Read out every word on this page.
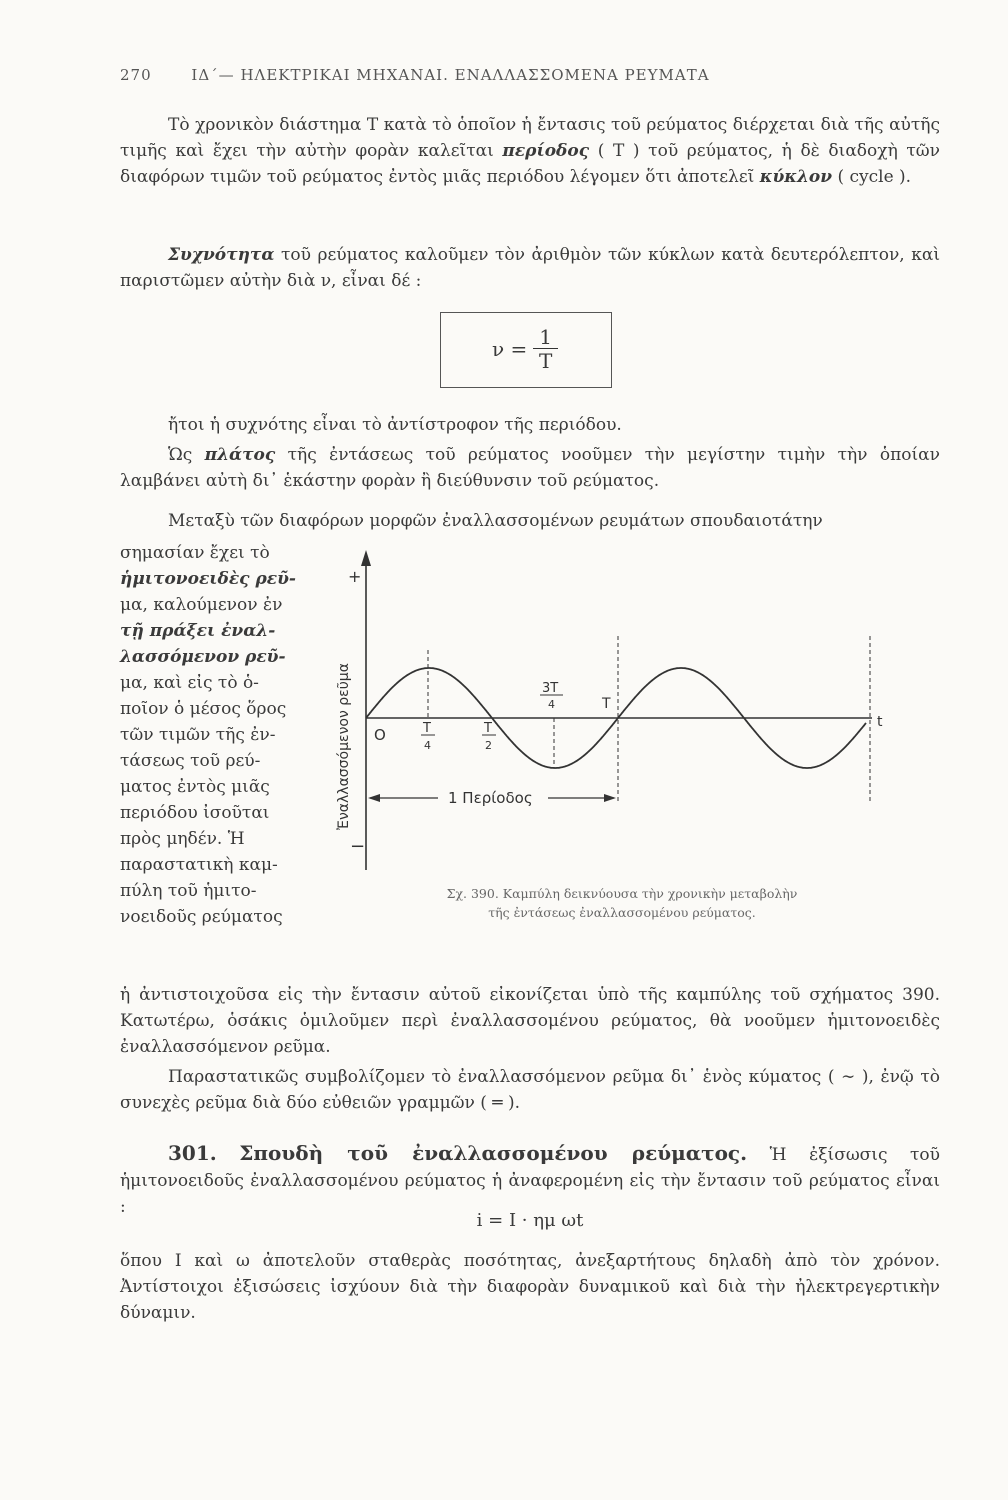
270	ΙΔ΄— ΗΛΕΚΤΡΙΚΑΙ ΜΗΧΑΝΑΙ. ΕΝΑΛΛΑΣΣΟΜΕΝΑ ΡΕΥΜΑΤΑ
Τὸ χρονικὸν διάστημα Τ κατὰ τὸ ὁποῖον ἡ ἔντασις τοῦ ρεύματος διέρχεται διὰ τῆς αὐτῆς τιμῆς καὶ ἔχει τὴν αὐτὴν φορὰν καλεῖται περίοδος ( Τ ) τοῦ ρεύματος, ἡ δὲ διαδοχὴ τῶν διαφόρων τιμῶν τοῦ ρεύματος ἐντὸς μιᾶς περιόδου λέγομεν ὅτι ἀποτελεῖ κύκλον ( cycle ).
Συχνότητα τοῦ ρεύματος καλοῦμεν τὸν ἀριθμὸν τῶν κύκλων κατὰ δευτερόλεπτον, καὶ παριστῶμεν αὐτὴν διὰ ν, εἶναι δέ :
$\nu = \frac{1}{T}$
ἤτοι ἡ συχνότης εἶναι τὸ ἀντίστροφον τῆς περιόδου.
Ὡς πλάτος τῆς ἐντάσεως τοῦ ρεύματος νοοῦμεν τὴν μεγίστην τιμὴν τὴν ὁποίαν λαμβάνει αὐτὴ δι᾿ ἑκάστην φορὰν ἢ διεύθυνσιν τοῦ ρεύματος.
Μεταξὺ τῶν διαφόρων μορφῶν ἐναλλασσομένων ρευμάτων σπουδαιοτάτην
σημασίαν ἔχει τὸ
ἡμιτονοειδὲς ρεῦ-
μα, καλούμενον ἐν
τῇ πράξει ἐναλ-
λασσόμενον ρεῦ-
μα, καὶ εἰς τὸ ὁ-
ποῖον ὁ μέσος ὅρος
τῶν τιμῶν τῆς ἐν-
τάσεως τοῦ ρεύ-
ματος ἐντὸς μιᾶς
περιόδου ἰσοῦται
πρὸς μηδέν. Ἡ
παραστατικὴ καμ-
πύλη τοῦ ἡμιτο-
νοειδοῦς ρεύματος
+
−
Ἐναλλασσόμενον ρεῦμα	t
O	T
4
T
2
3T
4	T
1 Περίοδος
Σχ. 390. Καμπύλη δεικνύουσα τὴν χρονικὴν μεταβολὴν
τῆς ἐντάσεως ἐναλλασσομένου ρεύματος.
ἡ ἀντιστοιχοῦσα εἰς τὴν ἔντασιν αὐτοῦ εἰκονίζεται ὑπὸ τῆς καμπύλης τοῦ σχήματος 390. Κατωτέρω, ὁσάκις ὁμιλοῦμεν περὶ ἐναλλασσομένου ρεύματος, θὰ νοοῦμεν ἡμιτονοειδὲς ἐναλλασσόμενον ρεῦμα.
Παραστατικῶς συμβολίζομεν τὸ ἐναλλασσόμενον ρεῦμα δι᾿ ἑνὸς κύματος ( ∼ ), ἐνῷ τὸ συνεχὲς ρεῦμα διὰ δύο εὐθειῶν γραμμῶν ( ═ ).
301. Σπουδὴ τοῦ ἐναλλασσομένου ρεύματος. Ἡ ἐξίσωσις τοῦ ἡμιτονοειδοῦς ἐναλλασσομένου ρεύματος ἡ ἀναφερομένη εἰς τὴν ἔντασιν τοῦ ρεύματος εἶναι :
i = I · ημ ωt
ὅπου I καὶ ω ἀποτελοῦν σταθερὰς ποσότητας, ἀνεξαρτήτους δηλαδὴ ἀπὸ τὸν χρόνον. Ἀντίστοιχοι ἐξισώσεις ἰσχύουν διὰ τὴν διαφορὰν δυναμικοῦ καὶ διὰ τὴν ἠλεκτρεγερτικὴν δύναμιν.
